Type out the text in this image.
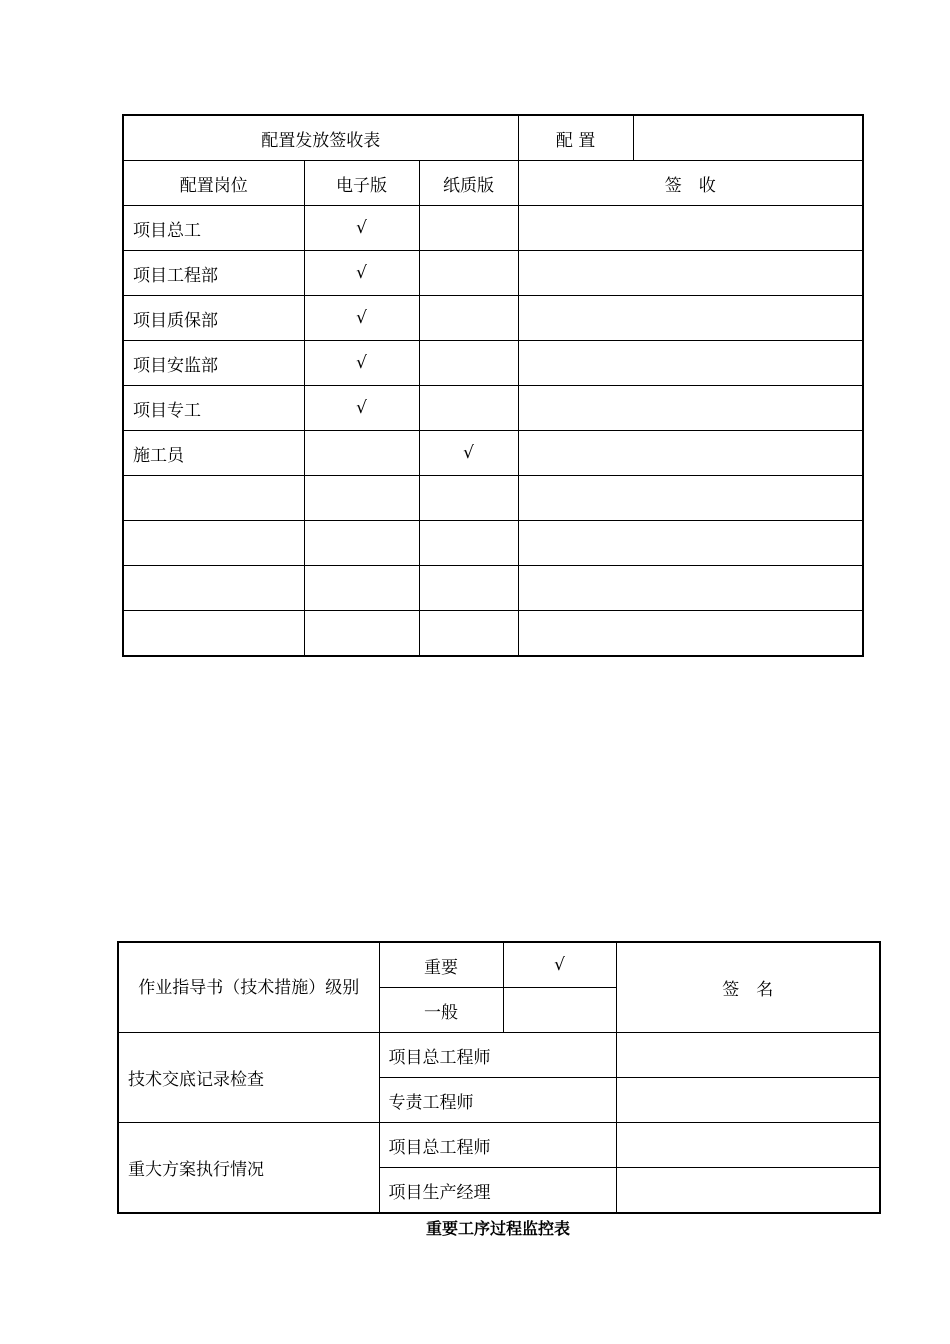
配置发放签收表			配 置	
配置岗位	电子版	纸质版	签　收	
项目总工	√			
项目工程部	√			
项目质保部	√			
项目安监部	√			
项目专工	√			
施工员		√		

作业指导书（技术措施）级别	重要	√	签　名
	一般		
技术交底记录检查	项目总工程师		
	专责工程师		
重大方案执行情况	项目总工程师		
	项目生产经理		
重要工序过程监控表
